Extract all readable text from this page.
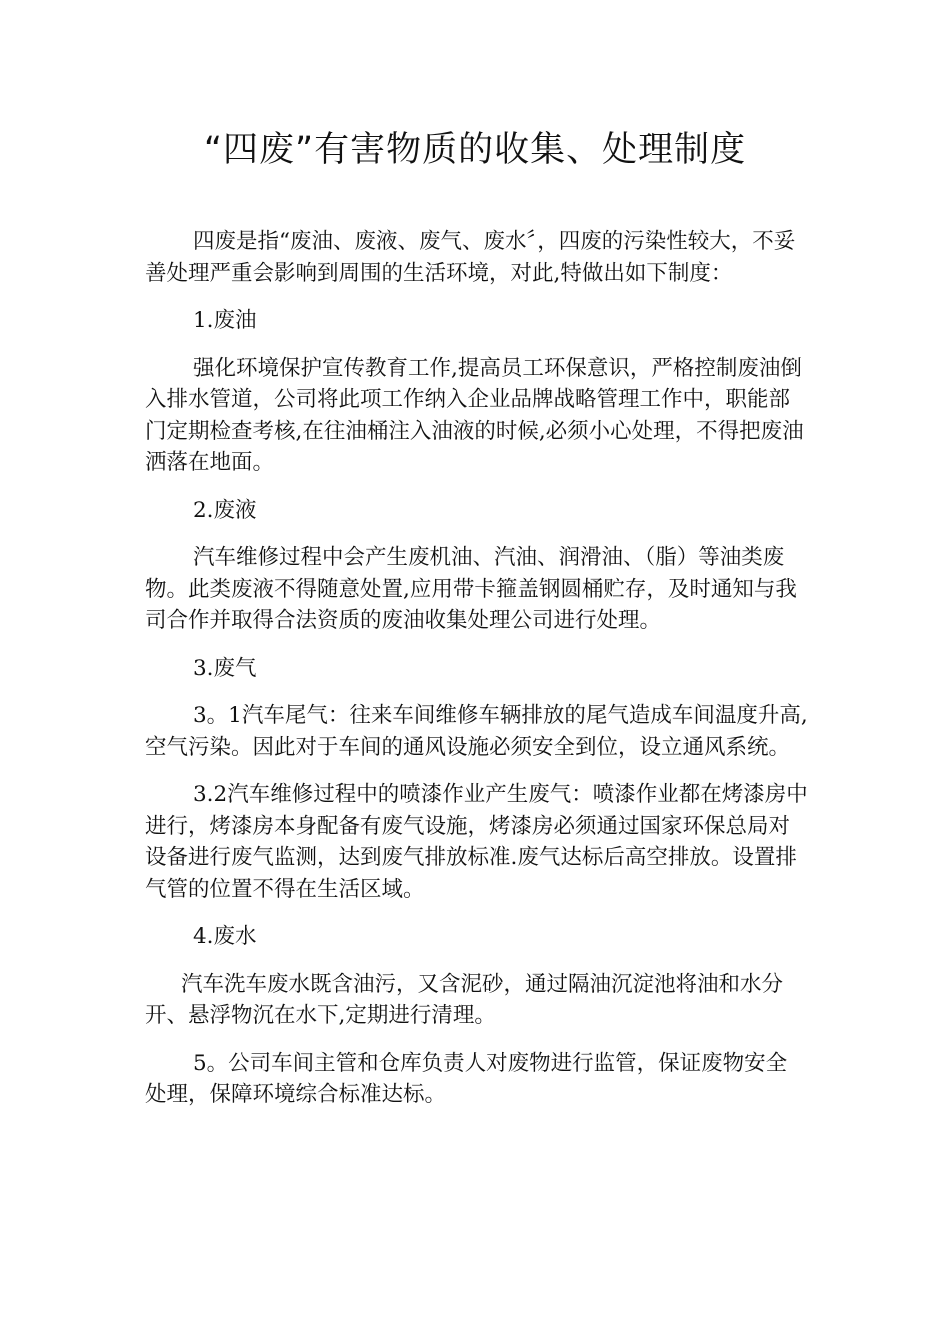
“四废”有害物质的收集、处理制度

四废是指“废油、废液、废气、废水〞，四废的污染性较大，不妥善处理严重会影响到周围的生活环境，对此,特做出如下制度：

1.废油

强化环境保护宣传教育工作,提高员工环保意识，严格控制废油倒入排水管道，公司将此项工作纳入企业品牌战略管理工作中，职能部门定期检查考核,在往油桶注入油液的时候,必须小心处理，不得把废油洒落在地面。

2.废液

汽车维修过程中会产生废机油、汽油、润滑油、（脂）等油类废物。此类废液不得随意处置,应用带卡箍盖钢圆桶贮存，及时通知与我司合作并取得合法资质的废油收集处理公司进行处理。

3.废气

3。1汽车尾气：往来车间维修车辆排放的尾气造成车间温度升高,空气污染。因此对于车间的通风设施必须安全到位，设立通风系统。

3.2汽车维修过程中的喷漆作业产生废气：喷漆作业都在烤漆房中进行，烤漆房本身配备有废气设施，烤漆房必须通过国家环保总局对设备进行废气监测，达到废气排放标准.废气达标后高空排放。设置排气管的位置不得在生活区域。

4.废水

汽车洗车废水既含油污，又含泥砂，通过隔油沉淀池将油和水分开、悬浮物沉在水下,定期进行清理。

5。公司车间主管和仓库负责人对废物进行监管，保证废物安全处理，保障环境综合标准达标。
